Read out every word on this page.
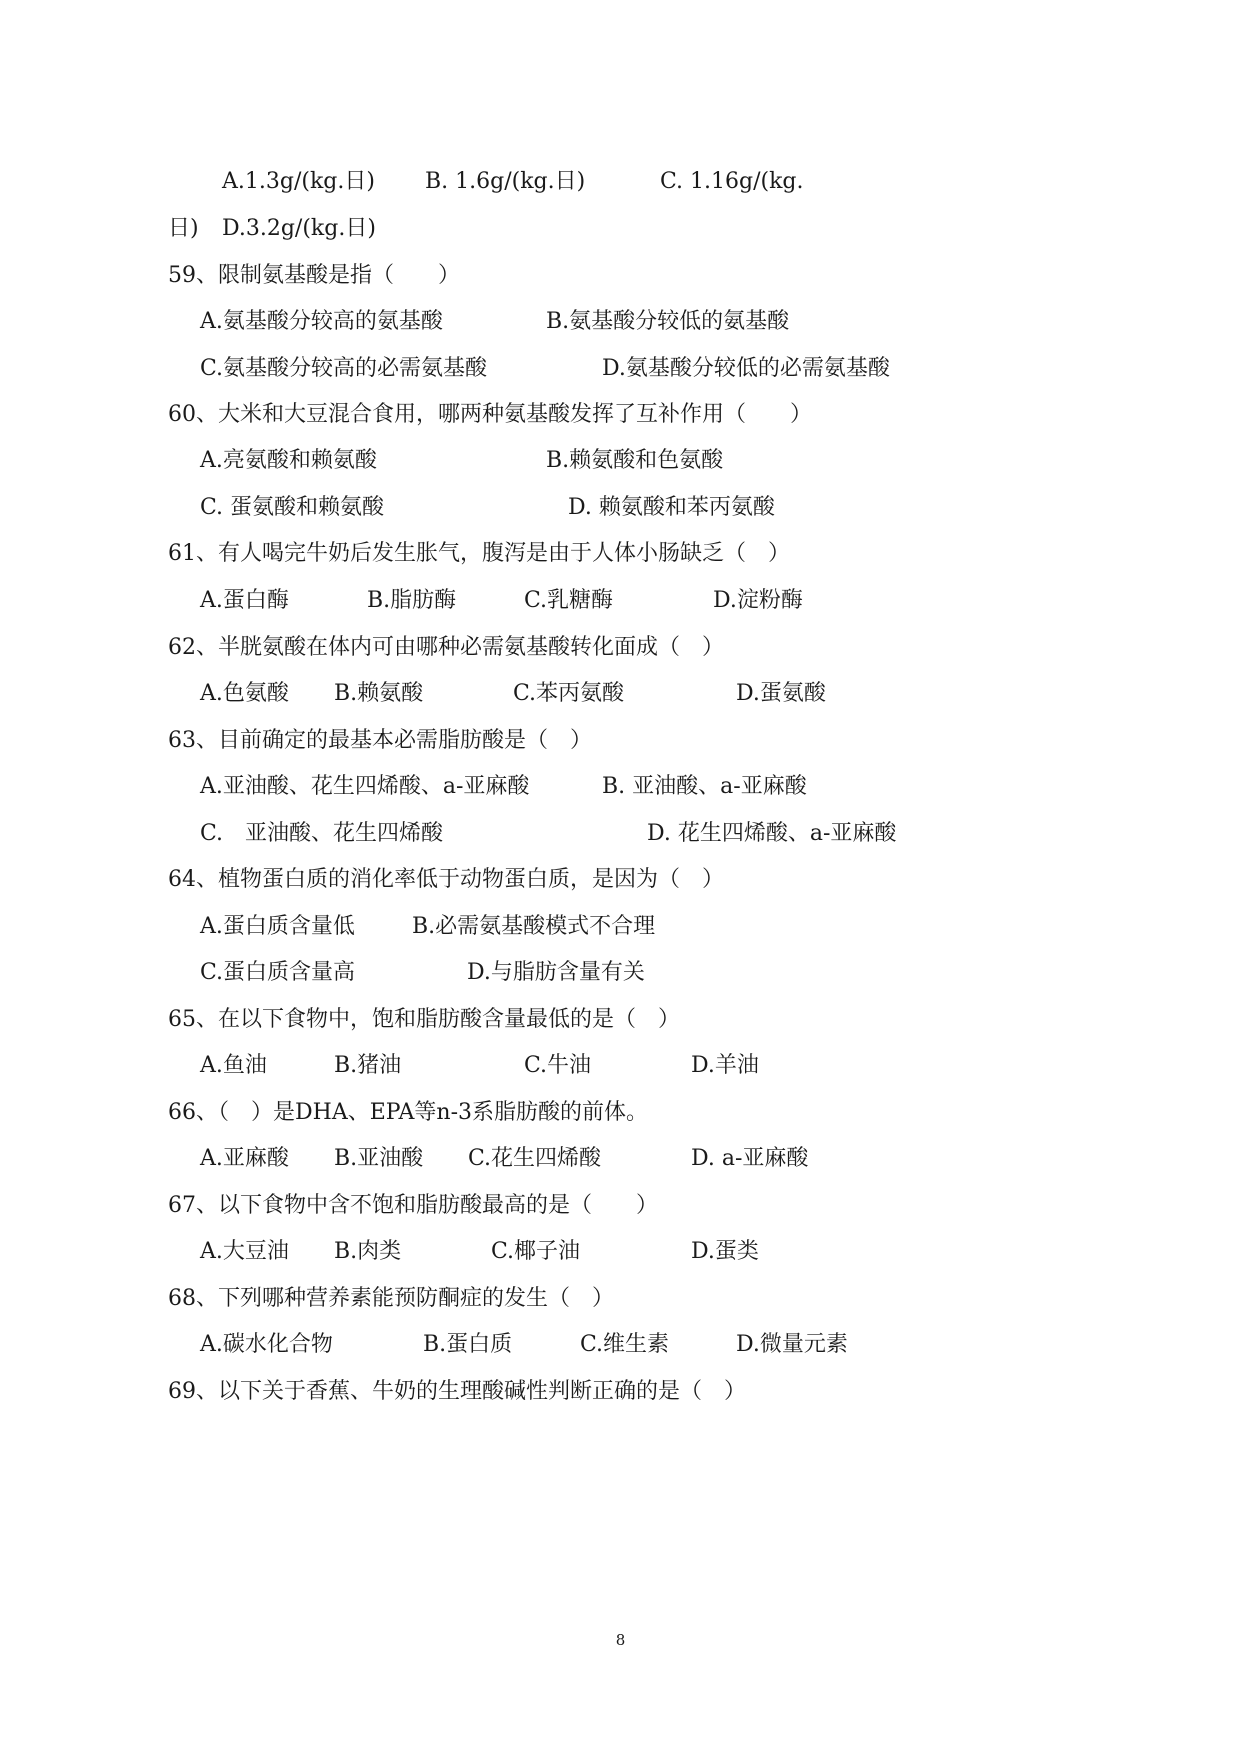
A.1.3g/(kg.日) B. 1.6g/(kg.日)	C. 1.16g/(kg.
日) D.3.2g/(kg.日)
59、限制氨基酸是指（　　）
A.氨基酸分较高的氨基酸	B.氨基酸分较低的氨基酸
C.氨基酸分较高的必需氨基酸	D.氨基酸分较低的必需氨基酸
60、大米和大豆混合食用，哪两种氨基酸发挥了互补作用（　　）
A.亮氨酸和赖氨酸	B.赖氨酸和色氨酸
C. 蛋氨酸和赖氨酸	D. 赖氨酸和苯丙氨酸
61、有人喝完牛奶后发生胀气，腹泻是由于人体小肠缺乏（　）
A.蛋白酶	B.脂肪酶	C.乳糖酶	D.淀粉酶
62、半胱氨酸在体内可由哪种必需氨基酸转化面成（　）
A.色氨酸 B.赖氨酸	C.苯丙氨酸	D.蛋氨酸
63、目前确定的最基本必需脂肪酸是（　）
A.亚油酸、花生四烯酸、a-亚麻酸	B. 亚油酸、a-亚麻酸
C.　亚油酸、花生四烯酸	D. 花生四烯酸、a-亚麻酸
64、植物蛋白质的消化率低于动物蛋白质，是因为（　）
A.蛋白质含量低	B.必需氨基酸模式不合理
C.蛋白质含量高	D.与脂肪含量有关
65、在以下食物中，饱和脂肪酸含量最低的是（　）
A.鱼油	B.猪油	C.牛油	D.羊油
66、（　）是DHA、EPA等n-3系脂肪酸的前体。
A.亚麻酸 B.亚油酸 C.花生四烯酸	D. a-亚麻酸
67、以下食物中含不饱和脂肪酸最高的是（　　）
A.大豆油 B.肉类	C.椰子油	D.蛋类
68、下列哪种营养素能预防酮症的发生（　）
A.碳水化合物	B.蛋白质	C.维生素	D.微量元素
69、以下关于香蕉、牛奶的生理酸碱性判断正确的是（　）
8
